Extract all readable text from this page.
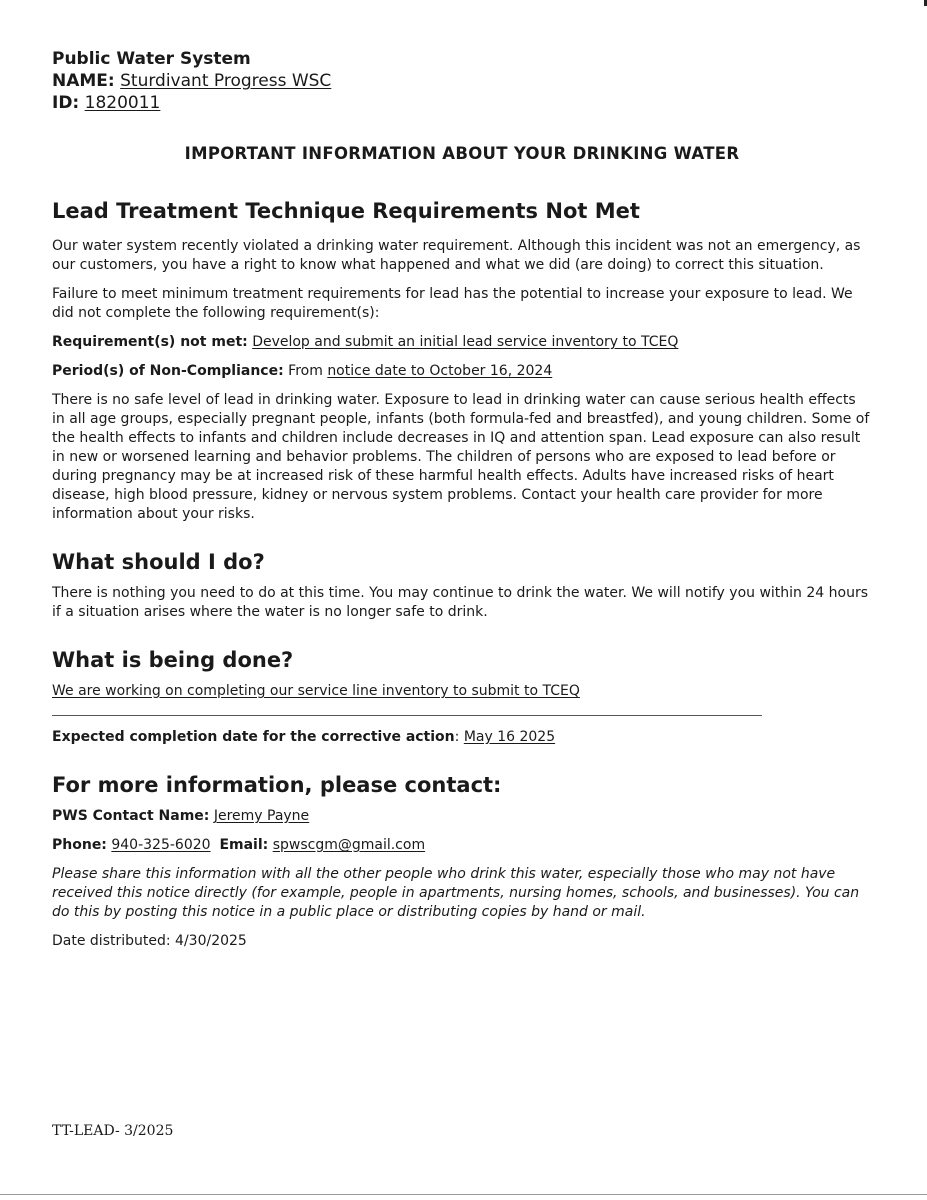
Public Water System
NAME: Sturdivant Progress WSC
ID: 1820011
IMPORTANT INFORMATION ABOUT YOUR DRINKING WATER
Lead Treatment Technique Requirements Not Met

Our water system recently violated a drinking water requirement. Although this incident was not an emergency, as our customers, you have a right to know what happened and what we did (are doing) to correct this situation.

Failure to meet minimum treatment requirements for lead has the potential to increase your exposure to lead. We did not complete the following requirement(s):

Requirement(s) not met: Develop and submit an initial lead service inventory to TCEQ

Period(s) of Non-Compliance: From notice date to October 16, 2024

There is no safe level of lead in drinking water. Exposure to lead in drinking water can cause serious health effects in all age groups, especially pregnant people, infants (both formula-fed and breastfed), and young children. Some of the health effects to infants and children include decreases in IQ and attention span. Lead exposure can also result in new or worsened learning and behavior problems. The children of persons who are exposed to lead before or during pregnancy may be at increased risk of these harmful health effects. Adults have increased risks of heart disease, high blood pressure, kidney or nervous system problems. Contact your health care provider for more information about your risks.

What should I do?

There is nothing you need to do at this time. You may continue to drink the water. We will notify you within 24 hours if a situation arises where the water is no longer safe to drink.

What is being done?

We are working on completing our service line inventory to submit to TCEQ

Expected completion date for the corrective action: May 16 2025

For more information, please contact:

PWS Contact Name: Jeremy Payne

Phone: 940-325-6020 Email: spwscgm@gmail.com

Please share this information with all the other people who drink this water, especially those who may not have received this notice directly (for example, people in apartments, nursing homes, schools, and businesses). You can do this by posting this notice in a public place or distributing copies by hand or mail.

Date distributed: 4/30/2025

TT-LEAD- 3/2025
